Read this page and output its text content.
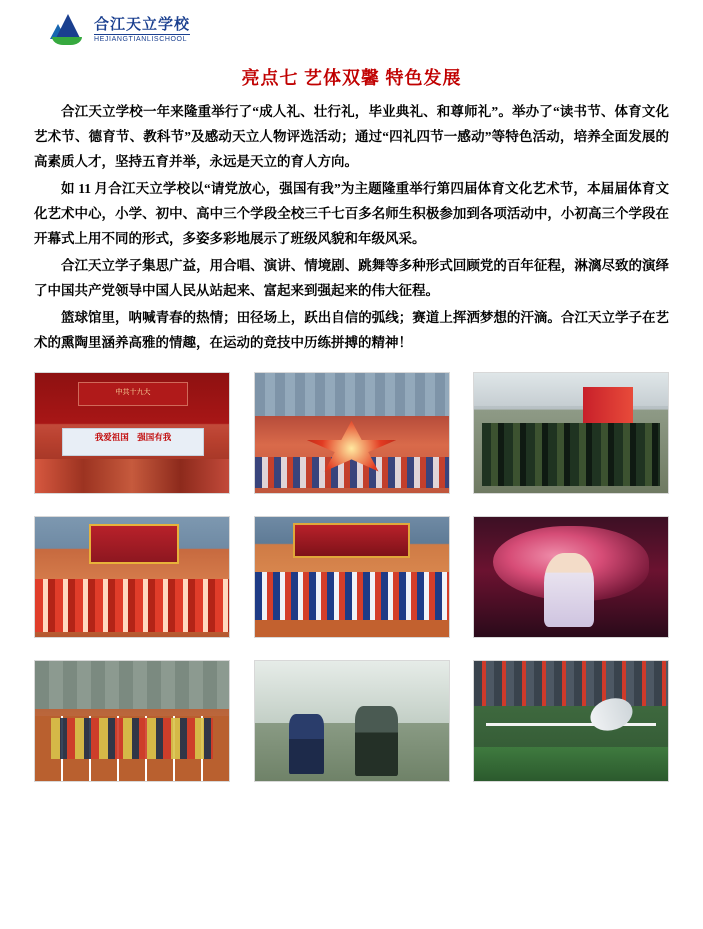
合江天立学校
HEJIANGTIANLISCHOOL
亮点七 艺体双馨 特色发展

合江天立学校一年来隆重举行了“成人礼、壮行礼，毕业典礼、和尊师礼”。举办了“读书节、体育文化艺术节、德育节、教科节”及感动天立人物评选活动；通过“四礼四节一感动”等特色活动，培养全面发展的高素质人才，坚持五育并举，永远是天立的育人方向。

如 11 月合江天立学校以“请党放心，强国有我”为主题隆重举行第四届体育文化艺术节，本届届体育文化艺术中心，小学、初中、高中三个学段全校三千七百多名师生积极参加到各项活动中，小初高三个学段在开幕式上用不同的形式，多姿多彩地展示了班级风貌和年级风采。

合江天立学子集思广益，用合唱、演讲、情境剧、跳舞等多种形式回顾党的百年征程，淋漓尽致的演绎了中国共产党领导中国人民从站起来、富起来到强起来的伟大征程。

篮球馆里，呐喊青春的热情；田径场上，跃出自信的弧线；赛道上挥洒梦想的汗滴。合江天立学子在艺术的熏陶里涵养高雅的情趣，在运动的竞技中历练拼搏的精神！

中共十九大
我爱祖国　强国有我
